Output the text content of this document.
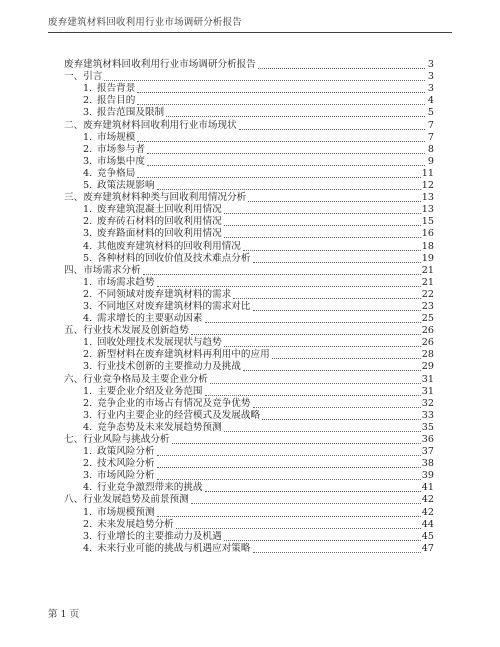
废弃建筑材料回收利用行业市场调研分析报告
废弃建筑材料回收利用行业市场调研分析报告	3
一、 引言	3
1. 报告背景	3
2. 报告目的	4
3. 报告范围及限制	5
二、 废弃建筑材料回收利用行业市场现状	7
1. 市场规模	7
2. 市场参与者	8
3. 市场集中度	9
4. 竞争格局	11
5. 政策法规影响	12
三、 废弃建筑材料种类与回收利用情况分析	13
1. 废弃建筑混凝土回收利用情况	13
2. 废弃砖石材料的回收利用情况	15
3. 废弃路面材料的回收利用情况	16
4. 其他废弃建筑材料的回收利用情况	18
5. 各种材料的回收价值及技术难点分析	19
四、 市场需求分析	21
1. 市场需求趋势	21
2. 不同领域对废弃建筑材料的需求	22
3. 不同地区对废弃建筑材料的需求对比	23
4. 需求增长的主要驱动因素	25
五、 行业技术发展及创新趋势	26
1. 回收处理技术发展现状与趋势	26
2. 新型材料在废弃建筑材料再利用中的应用	28
3. 行业技术创新的主要推动力及挑战	29
六、 行业竞争格局及主要企业分析	31
1. 主要企业介绍及业务范围	31
2. 竞争企业的市场占有情况及竞争优势	32
3. 行业内主要企业的经营模式及发展战略	33
4. 竞争态势及未来发展趋势预测	35
七、 行业风险与挑战分析	36
1. 政策风险分析	37
2. 技术风险分析	38
3. 市场风险分析	39
4. 行业竞争激烈带来的挑战	41
八、 行业发展趋势及前景预测	42
1. 市场规模预测	42
2. 未来发展趋势分析	44
3. 行业增长的主要推动力及机遇	45
4. 未来行业可能的挑战与机遇应对策略	47
第 1 页
